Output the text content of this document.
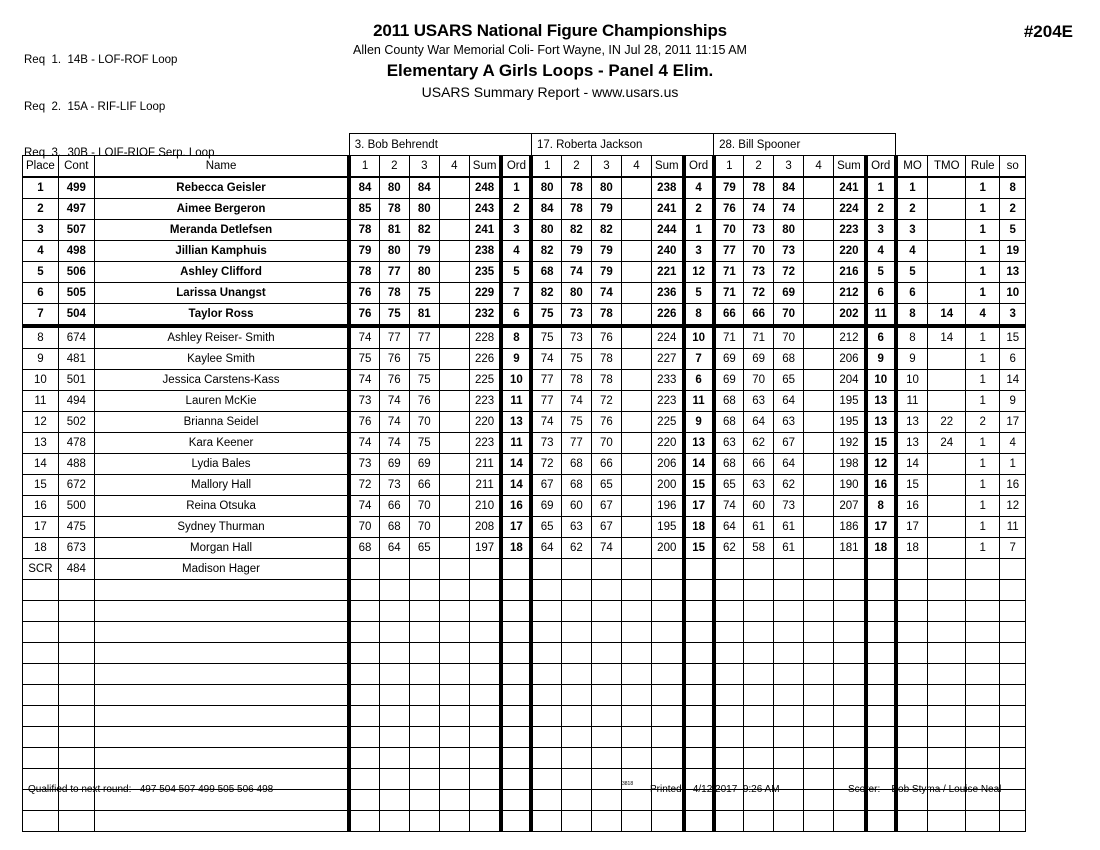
Req  1.  14B - LOF-ROF Loop

Req  2.  15A - RIF-LIF Loop

Req  3.  30B - LOIF-RIOF Serp. Loop

2011 USARS National Figure Championships
Allen County War Memorial Coli- Fort Wayne, IN Jul 28, 2011 11:15 AM
Elementary A Girls Loops - Panel 4 Elim.
USARS Summary Report - www.usars.us
#204E
			3. Bob Behrendt						17. Roberta Jackson						28. Bill Spooner									
Place	Cont	Name	1	2	3	4	Sum	Ord	1	2	3	4	Sum	Ord	1	2	3	4	Sum	Ord	MO	TMO	Rule	so
1	499	Rebecca Geisler	84	80	84		248	1	80	78	80		238	4	79	78	84		241	1	1		1	8
2	497	Aimee Bergeron	85	78	80		243	2	84	78	79		241	2	76	74	74		224	2	2		1	2
3	507	Meranda Detlefsen	78	81	82		241	3	80	82	82		244	1	70	73	80		223	3	3		1	5
4	498	Jillian Kamphuis	79	80	79		238	4	82	79	79		240	3	77	70	73		220	4	4		1	19
5	506	Ashley Clifford	78	77	80		235	5	68	74	79		221	12	71	73	72		216	5	5		1	13
6	505	Larissa Unangst	76	78	75		229	7	82	80	74		236	5	71	72	69		212	6	6		1	10
7	504	Taylor Ross	76	75	81		232	6	75	73	78		226	8	66	66	70		202	11	8	14	4	3
8	674	Ashley Reiser- Smith	74	77	77		228	8	75	73	76		224	10	71	71	70		212	6	8	14	1	15
9	481	Kaylee Smith	75	76	75		226	9	74	75	78		227	7	69	69	68		206	9	9		1	6
10	501	Jessica Carstens-Kass	74	76	75		225	10	77	78	78		233	6	69	70	65		204	10	10		1	14
11	494	Lauren McKie	73	74	76		223	11	77	74	72		223	11	68	63	64		195	13	11		1	9
12	502	Brianna Seidel	76	74	70		220	13	74	75	76		225	9	68	64	63		195	13	13	22	2	17
13	478	Kara Keener	74	74	75		223	11	73	77	70		220	13	63	62	67		192	15	13	24	1	4
14	488	Lydia Bales	73	69	69		211	14	72	68	66		206	14	68	66	64		198	12	14		1	1
15	672	Mallory Hall	72	73	66		211	14	67	68	65		200	15	65	63	62		190	16	15		1	16
16	500	Reina Otsuka	74	66	70		210	16	69	60	67		196	17	74	60	73		207	8	16		1	12
17	475	Sydney Thurman	70	68	70		208	17	65	63	67		195	18	64	61	61		186	17	17		1	11
18	673	Morgan Hall	68	64	65		197	18	64	62	74		200	15	62	58	61		181	18	18		1	7
SCR	484	Madison Hager																						

Qualified to next round:   497 504 507 499 505 506 498	3818 Printed:   4/12/2017  9:26 AM	Scorer:    Bob Styma / Louise Neal
